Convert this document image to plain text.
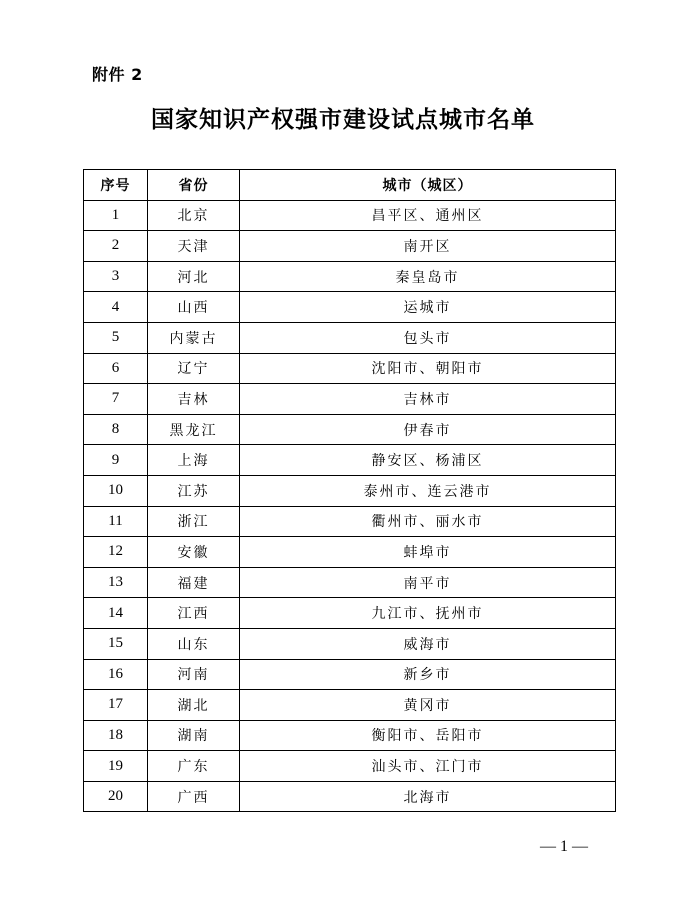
附件 2
国家知识产权强市建设试点城市名单
序号	省份	城市（城区）
1	北京	昌平区、通州区
2	天津	南开区
3	河北	秦皇岛市
4	山西	运城市
5	内蒙古	包头市
6	辽宁	沈阳市、朝阳市
7	吉林	吉林市
8	黑龙江	伊春市
9	上海	静安区、杨浦区
10	江苏	泰州市、连云港市
11	浙江	衢州市、丽水市
12	安徽	蚌埠市
13	福建	南平市
14	江西	九江市、抚州市
15	山东	威海市
16	河南	新乡市
17	湖北	黄冈市
18	湖南	衡阳市、岳阳市
19	广东	汕头市、江门市
20	广西	北海市
— 1 —
